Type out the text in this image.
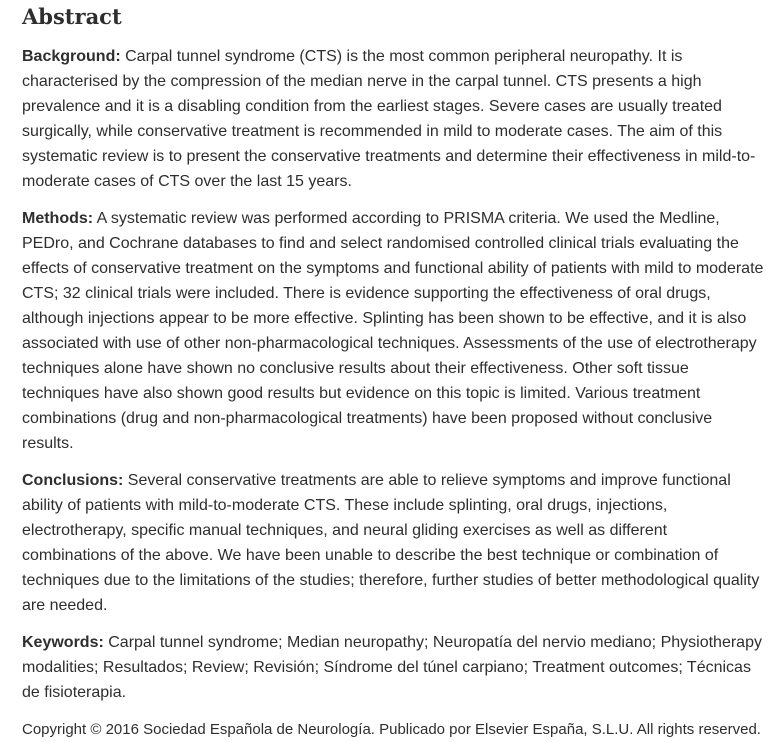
Abstract

Background: Carpal tunnel syndrome (CTS) is the most common peripheral neuropathy. It is characterised by the compression of the median nerve in the carpal tunnel. CTS presents a high prevalence and it is a disabling condition from the earliest stages. Severe cases are usually treated surgically, while conservative treatment is recommended in mild to moderate cases. The aim of this systematic review is to present the conservative treatments and determine their effectiveness in mild-to-moderate cases of CTS over the last 15 years.

Methods: A systematic review was performed according to PRISMA criteria. We used the Medline, PEDro, and Cochrane databases to find and select randomised controlled clinical trials evaluating the effects of conservative treatment on the symptoms and functional ability of patients with mild to moderate CTS; 32 clinical trials were included. There is evidence supporting the effectiveness of oral drugs, although injections appear to be more effective. Splinting has been shown to be effective, and it is also associated with use of other non-pharmacological techniques. Assessments of the use of electrotherapy techniques alone have shown no conclusive results about their effectiveness. Other soft tissue techniques have also shown good results but evidence on this topic is limited. Various treatment combinations (drug and non-pharmacological treatments) have been proposed without conclusive results.

Conclusions: Several conservative treatments are able to relieve symptoms and improve functional ability of patients with mild-to-moderate CTS. These include splinting, oral drugs, injections, electrotherapy, specific manual techniques, and neural gliding exercises as well as different combinations of the above. We have been unable to describe the best technique or combination of techniques due to the limitations of the studies; therefore, further studies of better methodological quality are needed.

Keywords: Carpal tunnel syndrome; Median neuropathy; Neuropatía del nervio mediano; Physiotherapy modalities; Resultados; Review; Revisión; Síndrome del túnel carpiano; Treatment outcomes; Técnicas de fisioterapia.

Copyright © 2016 Sociedad Española de Neurología. Publicado por Elsevier España, S.L.U. All rights reserved.
